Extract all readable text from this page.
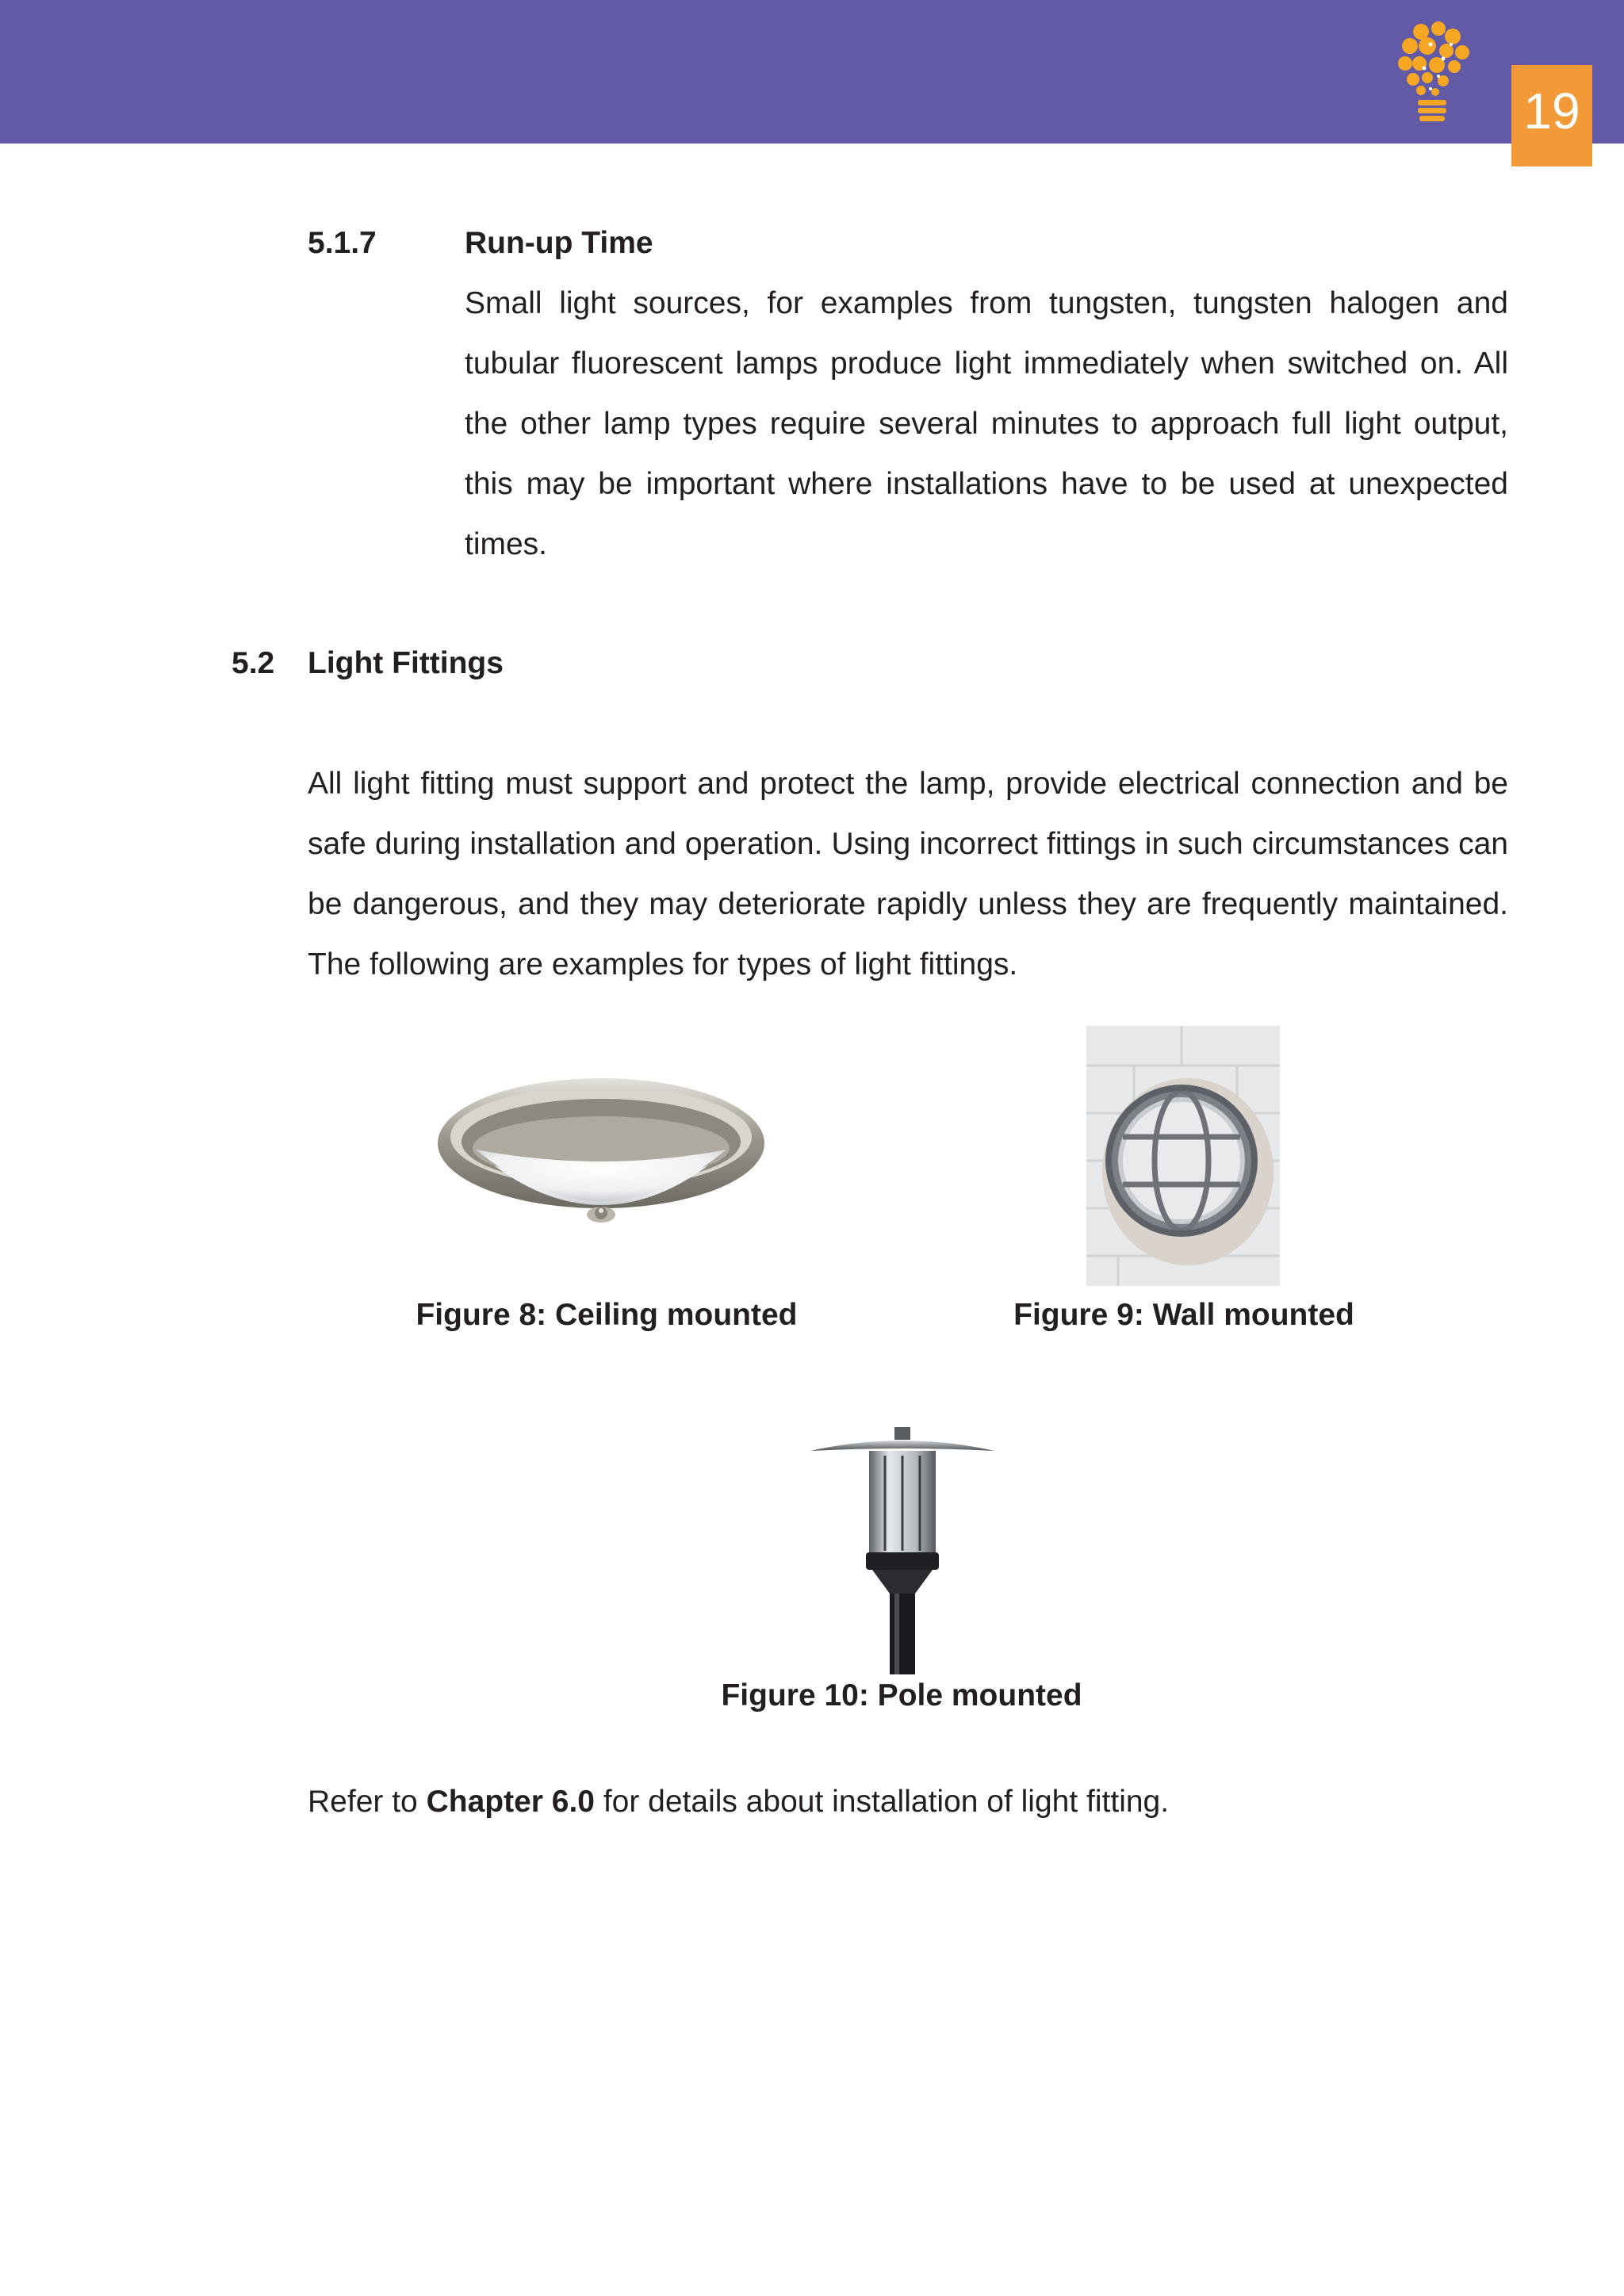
19
5.1.7	Run-up Time

Small light sources, for examples from tungsten, tungsten halogen and tubular fluorescent lamps produce light immediately when switched on. All the other lamp types require several minutes to approach full light output, this may be important where installations have to be used at unexpected times.

5.2 Light Fittings

All light fitting must support and protect the lamp, provide electrical connection and be safe during installation and operation. Using incorrect fittings in such circumstances can be dangerous, and they may deteriorate rapidly unless they are frequently maintained. The following are examples for types of light fittings.

Figure 8: Ceiling mounted	Figure 9: Wall mounted
Figure 10: Pole mounted
Refer to Chapter 6.0 for details about installation of light fitting.
